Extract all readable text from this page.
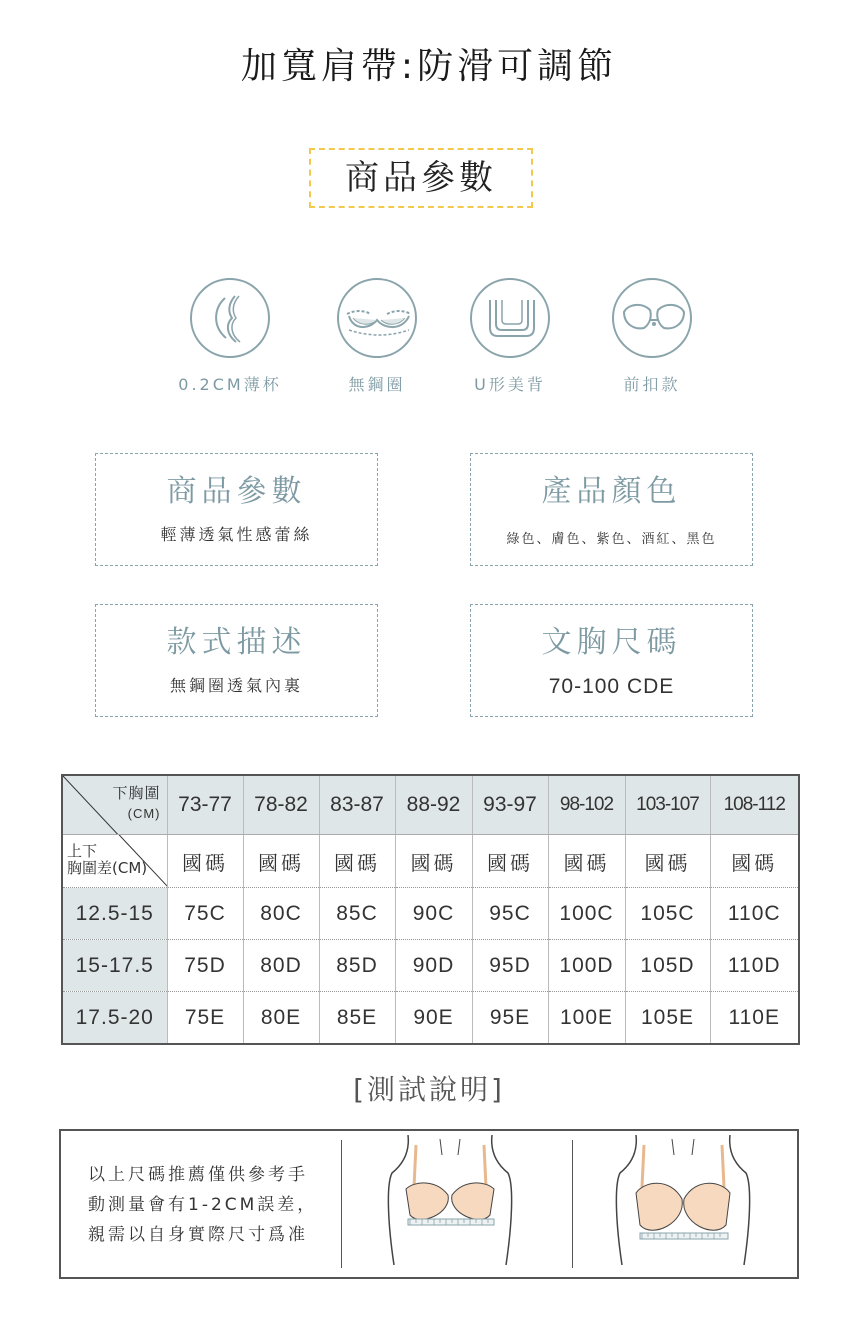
加寬肩帶:防滑可調節
商品參數
0.2CM薄杯	無鋼圈	U形美背	前扣款
商品參數
輕薄透氣性感蕾絲
產品顏色
綠色、膚色、紫色、酒紅、黑色
款式描述
無鋼圈透氣內裏
文胸尺碼
70-100 CDE
下胸圍
(CM)	73-77	78-82	83-87	88-92	93-97	98-102	103-107	108-112

上下
胸圍差(CM)	國碼	國碼	國碼	國碼	國碼	國碼	國碼	國碼
12.5-15	75C	80C	85C	90C	95C	100C	105C	110C
15-17.5	75D	80D	85D	90D	95D	100D	105D	110D
17.5-20	75E	80E	85E	90E	95E	100E	105E	110E
[測試說明]
以上尺碼推薦僅供參考手
動測量會有1-2CM誤差，
親需以自身實際尺寸爲准
